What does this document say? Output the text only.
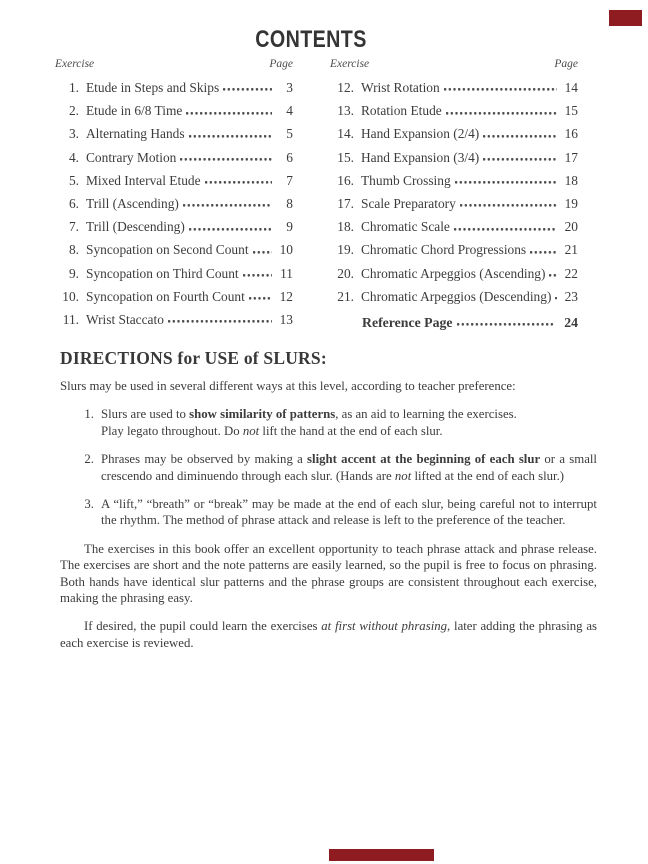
CONTENTS
Exercise	Page
1. Etude in Steps and Skips	3
2. Etude in 6/8 Time	4
3. Alternating Hands	5
4. Contrary Motion	6
5. Mixed Interval Etude	7
6. Trill (Ascending)	8
7. Trill (Descending)	9
8. Syncopation on Second Count	10
9. Syncopation on Third Count	11
10. Syncopation on Fourth Count	12
11. Wrist Staccato	13
Exercise	Page
12. Wrist Rotation	14
13. Rotation Etude	15
14. Hand Expansion (2/4)	16
15. Hand Expansion (3/4)	17
16. Thumb Crossing	18
17. Scale Preparatory	19
18. Chromatic Scale	20
19. Chromatic Chord Progressions	21
20. Chromatic Arpeggios (Ascending)	22
21. Chromatic Arpeggios (Descending) 23
Reference Page	24
DIRECTIONS for USE of SLURS:
Slurs may be used in several different ways at this level, according to teacher preference:
1. Slurs are used to show similarity of patterns, as an aid to learning the exercises.
Play legato throughout. Do not lift the hand at the end of each slur.
2. Phrases may be observed by making a slight accent at the beginning of each slur or a small crescendo and diminuendo through each slur. (Hands are not lifted at the end of each slur.)
3. A “lift,” “breath” or “break” may be made at the end of each slur, being careful not to interrupt the rhythm. The method of phrase attack and release is left to the preference of the teacher.
The exercises in this book offer an excellent opportunity to teach phrase attack and phrase release. The exercises are short and the note patterns are easily learned, so the pupil is free to focus on phrasing. Both hands have identical slur patterns and the phrase groups are consistent throughout each exercise, making the phrasing easy.
If desired, the pupil could learn the exercises at first without phrasing, later adding the phrasing as each exercise is reviewed.
